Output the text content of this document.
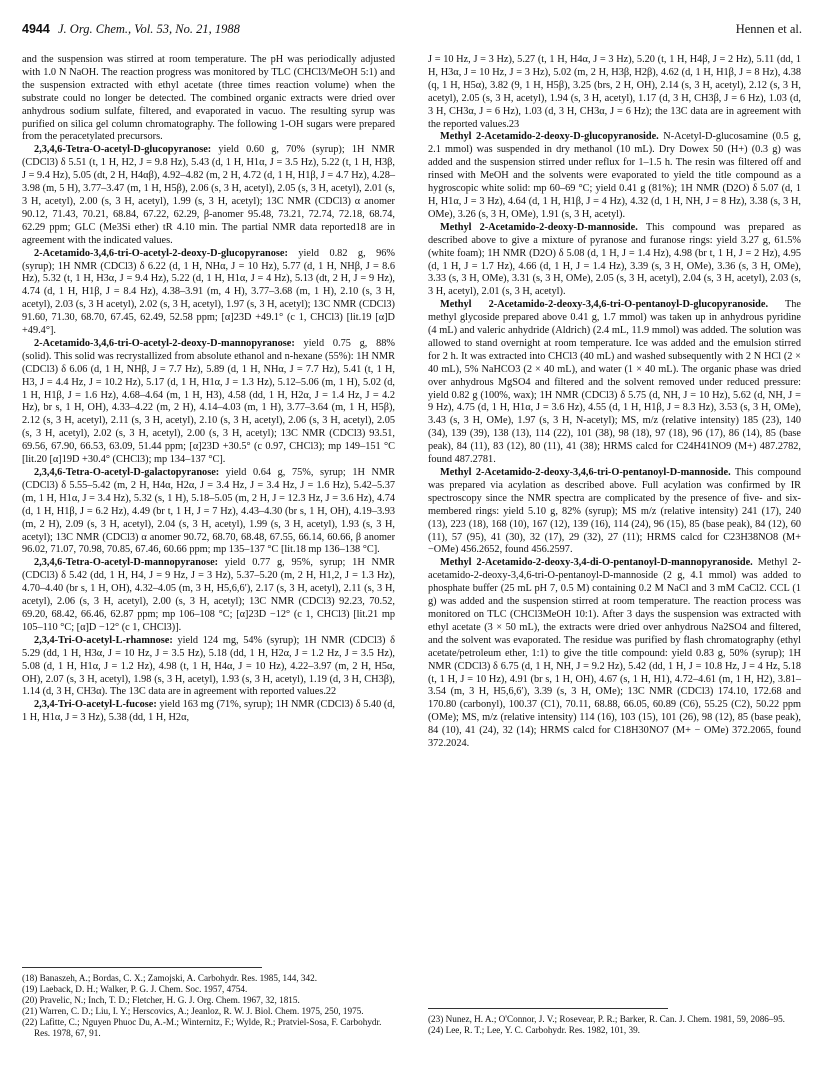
4944 J. Org. Chem., Vol. 53, No. 21, 1988	Hennen et al.

and the suspension was stirred at room temperature. The pH was periodically adjusted with 1.0 N NaOH. The reaction progress was monitored by TLC (CHCl3/MeOH 5:1) and the suspension extracted with ethyl acetate (three times reaction volume) when the substrate could no longer be detected. The combined organic extracts were dried over anhydrous sodium sulfate, filtered, and evaporated in vacuo. The resulting syrup was purified on silica gel column chromatography. The following 1-OH sugars were prepared from the peracetylated precursors.

2,3,4,6-Tetra-O-acetyl-D-glucopyranose: yield 0.60 g, 70% (syrup); 1H NMR (CDCl3) δ 5.51 (t, 1 H, H2, J = 9.8 Hz), 5.43 (d, 1 H, H1α, J = 3.5 Hz), 5.22 (t, 1 H, H3β, J = 9.4 Hz), 5.05 (dt, 2 H, H4αβ), 4.92–4.82 (m, 2 H, 4.72 (d, 1 H, H1β, J = 4.7 Hz), 4.28–3.98 (m, 5 H), 3.77–3.47 (m, 1 H, H5β), 2.06 (s, 3 H, acetyl), 2.05 (s, 3 H, acetyl), 2.01 (s, 3 H, acetyl), 2.00 (s, 3 H, acetyl), 1.99 (s, 3 H, acetyl); 13C NMR (CDCl3) α anomer 90.12, 71.43, 70.21, 68.84, 67.22, 62.29, β-anomer 95.48, 73.21, 72.74, 72.18, 68.74, 62.29 ppm; GLC (Me3Si ether) tR 4.10 min. The partial NMR data reported18 are in agreement with the indicated values.

2-Acetamido-3,4,6-tri-O-acetyl-2-deoxy-D-glucopyranose: yield 0.82 g, 96% (syrup); 1H NMR (CDCl3) δ 6.22 (d, 1 H, NHα, J = 10 Hz), 5.77 (d, 1 H, NHβ, J = 8.6 Hz), 5.32 (t, 1 H, H3α, J = 9.4 Hz), 5.22 (d, 1 H, H1α, J = 4 Hz), 5.13 (dt, 2 H, J = 9 Hz), 4.74 (d, 1 H, H1β, J = 8.4 Hz), 4.38–3.91 (m, 4 H), 3.77–3.68 (m, 1 H), 2.10 (s, 3 H, acetyl), 2.03 (s, 3 H acetyl), 2.02 (s, 3 H, acetyl), 1.97 (s, 3 H, acetyl); 13C NMR (CDCl3) 91.60, 71.30, 68.70, 67.45, 62.49, 52.58 ppm; [α]23D +49.1° (c 1, CHCl3) [lit.19 [α]D +49.4°].

2-Acetamido-3,4,6-tri-O-acetyl-2-deoxy-D-mannopyranose: yield 0.75 g, 88% (solid). This solid was recrystallized from absolute ethanol and n-hexane (55%): 1H NMR (CDCl3) δ 6.06 (d, 1 H, NHβ, J = 7.7 Hz), 5.89 (d, 1 H, NHα, J = 7.7 Hz), 5.41 (t, 1 H, H3, J = 4.4 Hz, J = 10.2 Hz), 5.17 (d, 1 H, H1α, J = 1.3 Hz), 5.12–5.06 (m, 1 H), 5.02 (d, 1 H, H1β, J = 1.6 Hz), 4.68–4.64 (m, 1 H, H3), 4.58 (dd, 1 H, H2α, J = 1.4 Hz, J = 4.2 Hz), br s, 1 H, OH), 4.33–4.22 (m, 2 H), 4.14–4.03 (m, 1 H), 3.77–3.64 (m, 1 H, H5β), 2.12 (s, 3 H, acetyl), 2.11 (s, 3 H, acetyl), 2.10 (s, 3 H, acetyl), 2.06 (s, 3 H, acetyl), 2.05 (s, 3 H, acetyl), 2.02 (s, 3 H, acetyl), 2.00 (s, 3 H, acetyl); 13C NMR (CDCl3) 93.51, 69.56, 67.90, 66.53, 63.09, 51.44 ppm; [α]23D +30.5° (c 0.97, CHCl3); mp 149–151 °C [lit.20 [α]19D +30.4° (CHCl3); mp 134–137 °C].

2,3,4,6-Tetra-O-acetyl-D-galactopyranose: yield 0.64 g, 75%, syrup; 1H NMR (CDCl3) δ 5.55–5.42 (m, 2 H, H4α, H2α, J = 3.4 Hz, J = 3.4 Hz, J = 1.6 Hz), 5.42–5.37 (m, 1 H, H1α, J = 3.4 Hz), 5.32 (s, 1 H), 5.18–5.05 (m, 2 H, J = 12.3 Hz, J = 3.6 Hz), 4.74 (d, 1 H, H1β, J = 6.2 Hz), 4.49 (br t, 1 H, J = 7 Hz), 4.43–4.30 (br s, 1 H, OH), 4.19–3.93 (m, 2 H), 2.09 (s, 3 H, acetyl), 2.04 (s, 3 H, acetyl), 1.99 (s, 3 H, acetyl), 1.93 (s, 3 H, acetyl); 13C NMR (CDCl3) α anomer 90.72, 68.70, 68.48, 67.55, 66.14, 60.66, β anomer 96.02, 71.07, 70.98, 70.85, 67.46, 60.66 ppm; mp 135–137 °C [lit.18 mp 136–138 °C].

2,3,4,6-Tetra-O-acetyl-D-mannopyranose: yield 0.77 g, 95%, syrup; 1H NMR (CDCl3) δ 5.42 (dd, 1 H, H4, J = 9 Hz, J = 3 Hz), 5.37–5.20 (m, 2 H, H1,2, J = 1.3 Hz), 4.70–4.40 (br s, 1 H, OH), 4.32–4.05 (m, 3 H, H5,6,6′), 2.17 (s, 3 H, acetyl), 2.11 (s, 3 H, acetyl), 2.06 (s, 3 H, acetyl), 2.00 (s, 3 H, acetyl); 13C NMR (CDCl3) 92.23, 70.52, 69.20, 68.42, 66.46, 62.87 ppm; mp 106–108 °C; [α]23D −12° (c 1, CHCl3) [lit.21 mp 105–110 °C; [α]D −12° (c 1, CHCl3)].

2,3,4-Tri-O-acetyl-L-rhamnose: yield 124 mg, 54% (syrup); 1H NMR (CDCl3) δ 5.29 (dd, 1 H, H3α, J = 10 Hz, J = 3.5 Hz), 5.18 (dd, 1 H, H2α, J = 1.2 Hz, J = 3.5 Hz), 5.08 (d, 1 H, H1α, J = 1.2 Hz), 4.98 (t, 1 H, H4α, J = 10 Hz), 4.22–3.97 (m, 2 H, H5α, OH), 2.07 (s, 3 H, acetyl), 1.98 (s, 3 H, acetyl), 1.93 (s, 3 H, acetyl), 1.19 (d, 3 H, CH3β), 1.14 (d, 3 H, CH3α). The 13C data are in agreement with reported values.22

2,3,4-Tri-O-acetyl-L-fucose: yield 163 mg (71%, syrup); 1H NMR (CDCl3) δ 5.40 (d, 1 H, H1α, J = 3 Hz), 5.38 (dd, 1 H, H2α,

J = 10 Hz, J = 3 Hz), 5.27 (t, 1 H, H4α, J = 3 Hz), 5.20 (t, 1 H, H4β, J = 2 Hz), 5.11 (dd, 1 H, H3α, J = 10 Hz, J = 3 Hz), 5.02 (m, 2 H, H3β, H2β), 4.62 (d, 1 H, H1β, J = 8 Hz), 4.38 (q, 1 H, H5α), 3.82 (9, 1 H, H5β), 3.25 (brs, 2 H, OH), 2.14 (s, 3 H, acetyl), 2.12 (s, 3 H, acetyl), 2.05 (s, 3 H, acetyl), 1.94 (s, 3 H, acetyl), 1.17 (d, 3 H, CH3β, J = 6 Hz), 1.03 (d, 3 H, CH3α, J = 6 Hz), 1.03 (d, 3 H, CH3α, J = 6 Hz); the 13C data are in agreement with the reported values.23

Methyl 2-Acetamido-2-deoxy-D-glucopyranoside. N-Acetyl-D-glucosamine (0.5 g, 2.1 mmol) was suspended in dry methanol (10 mL). Dry Dowex 50 (H+) (0.3 g) was added and the suspension stirred under reflux for 1–1.5 h. The resin was filtered off and rinsed with MeOH and the solvents were evaporated to yield the title compound as a hygroscopic white solid: mp 60–69 °C; yield 0.41 g (81%); 1H NMR (D2O) δ 5.07 (d, 1 H, H1α, J = 3 Hz), 4.64 (d, 1 H, H1β, J = 4 Hz), 4.32 (d, 1 H, NH, J = 8 Hz), 3.38 (s, 3 H, OMe), 3.26 (s, 3 H, OMe), 1.91 (s, 3 H, acetyl).

Methyl 2-Acetamido-2-deoxy-D-mannoside. This compound was prepared as described above to give a mixture of pyranose and furanose rings: yield 3.27 g, 61.5% (white foam); 1H NMR (D2O) δ 5.08 (d, 1 H, J = 1.4 Hz), 4.98 (br t, 1 H, J = 2 Hz), 4.95 (d, 1 H, J = 1.7 Hz), 4.66 (d, 1 H, J = 1.4 Hz), 3.39 (s, 3 H, OMe), 3.36 (s, 3 H, OMe), 3.33 (s, 3 H, OMe), 3.31 (s, 3 H, OMe), 2.05 (s, 3 H, acetyl), 2.04 (s, 3 H, acetyl), 2.03 (s, 3 H, acetyl), 2.01 (s, 3 H, acetyl).

Methyl 2-Acetamido-2-deoxy-3,4,6-tri-O-pentanoyl-D-glucopyranoside. The methyl glycoside prepared above 0.41 g, 1.7 mmol) was taken up in anhydrous pyridine (4 mL) and valeric anhydride (Aldrich) (2.4 mL, 11.9 mmol) was added. The solution was allowed to stand overnight at room temperature. Ice was added and the emulsion stirred for 2 h. It was extracted into CHCl3 (40 mL) and washed subsequently with 2 N HCl (2 × 40 mL), 5% NaHCO3 (2 × 40 mL), and water (1 × 40 mL). The organic phase was dried over anhydrous MgSO4 and filtered and the solvent removed under reduced pressure: yield 0.82 g (100%, wax); 1H NMR (CDCl3) δ 5.75 (d, NH, J = 10 Hz), 5.62 (d, NH, J = 9 Hz), 4.75 (d, 1 H, H1α, J = 3.6 Hz), 4.55 (d, 1 H, H1β, J = 8.3 Hz), 3.53 (s, 3 H, OMe), 3.43 (s, 3 H, OMe), 1.97 (s, 3 H, N-acetyl); MS, m/z (relative intensity) 185 (23), 140 (34), 139 (39), 138 (13), 114 (22), 101 (38), 98 (18), 97 (18), 96 (17), 86 (14), 85 (base peak), 84 (11), 83 (12), 80 (11), 41 (38); HRMS calcd for C24H41NO9 (M+) 487.2782, found 487.2781.

Methyl 2-Acetamido-2-deoxy-3,4,6-tri-O-pentanoyl-D-mannoside. This compound was prepared via acylation as described above. Full acylation was confirmed by IR spectroscopy since the NMR spectra are complicated by the presence of five- and six-membered rings: yield 5.10 g, 82% (syrup); MS m/z (relative intensity) 241 (17), 240 (13), 223 (18), 168 (10), 167 (12), 139 (16), 114 (24), 96 (15), 85 (base peak), 84 (12), 60 (11), 57 (95), 41 (30), 32 (17), 29 (32), 27 (11); HRMS calcd for C23H38NO8 (M+ −OMe) 456.2652, found 456.2597.

Methyl 2-Acetamido-2-deoxy-3,4-di-O-pentanoyl-D-mannopyranoside. Methyl 2-acetamido-2-deoxy-3,4,6-tri-O-pentanoyl-D-mannoside (2 g, 4.1 mmol) was added to phosphate buffer (25 mL pH 7, 0.5 M) containing 0.2 M NaCl and 3 mM CaCl2. CCL (1 g) was added and the suspension stirred at room temperature. The reaction process was monitored on TLC (CHCl3MeOH 10:1). After 3 days the suspension was extracted with ethyl acetate (3 × 50 mL), the extracts were dried over anhydrous Na2SO4 and filtered, and the solvent was evaporated. The residue was purified by flash chromatography (ethyl acetate/petroleum ether, 1:1) to give the title compound: yield 0.83 g, 50% (syrup); 1H NMR (CDCl3) δ 6.75 (d, 1 H, NH, J = 9.2 Hz), 5.42 (dd, 1 H, J = 10.8 Hz, J = 4 Hz, 5.18 (t, 1 H, J = 10 Hz), 4.91 (br s, 1 H, OH), 4.67 (s, 1 H, H1), 4.72–4.61 (m, 1 H, H2), 3.81–3.54 (m, 3 H, H5,6,6′), 3.39 (s, 3 H, OMe); 13C NMR (CDCl3) 174.10, 172.68 and 170.80 (carbonyl), 100.37 (C1), 70.11, 68.88, 66.05, 60.89 (C6), 55.25 (C2), 50.22 ppm (OMe); MS, m/z (relative intensity) 114 (16), 103 (15), 101 (26), 98 (12), 85 (base peak), 84 (10), 41 (24), 32 (14); HRMS calcd for C18H30NO7 (M+ − OMe) 372.2065, found 372.2024.

(18) Banaszeh, A.; Bordas, C. X.; Zamojski, A. Carbohydr. Res. 1985, 144, 342.

(19) Laeback, D. H.; Walker, P. G. J. Chem. Soc. 1957, 4754.

(20) Pravelic, N.; Inch, T. D.; Fletcher, H. G. J. Org. Chem. 1967, 32, 1815.

(21) Warren, C. D.; Liu, I. Y.; Herscovics, A.; Jeanloz, R. W. J. Biol. Chem. 1975, 250, 1975.

(22) Lafitte, C.; Nguyen Phuoc Du, A.-M.; Winternitz, F.; Wylde, R.; Pratviel-Sosa, F. Carbohydr. Res. 1978, 67, 91.

(23) Nunez, H. A.; O'Connor, J. V.; Rosevear, P. R.; Barker, R. Can. J. Chem. 1981, 59, 2086–95.

(24) Lee, R. T.; Lee, Y. C. Carbohydr. Res. 1982, 101, 39.
